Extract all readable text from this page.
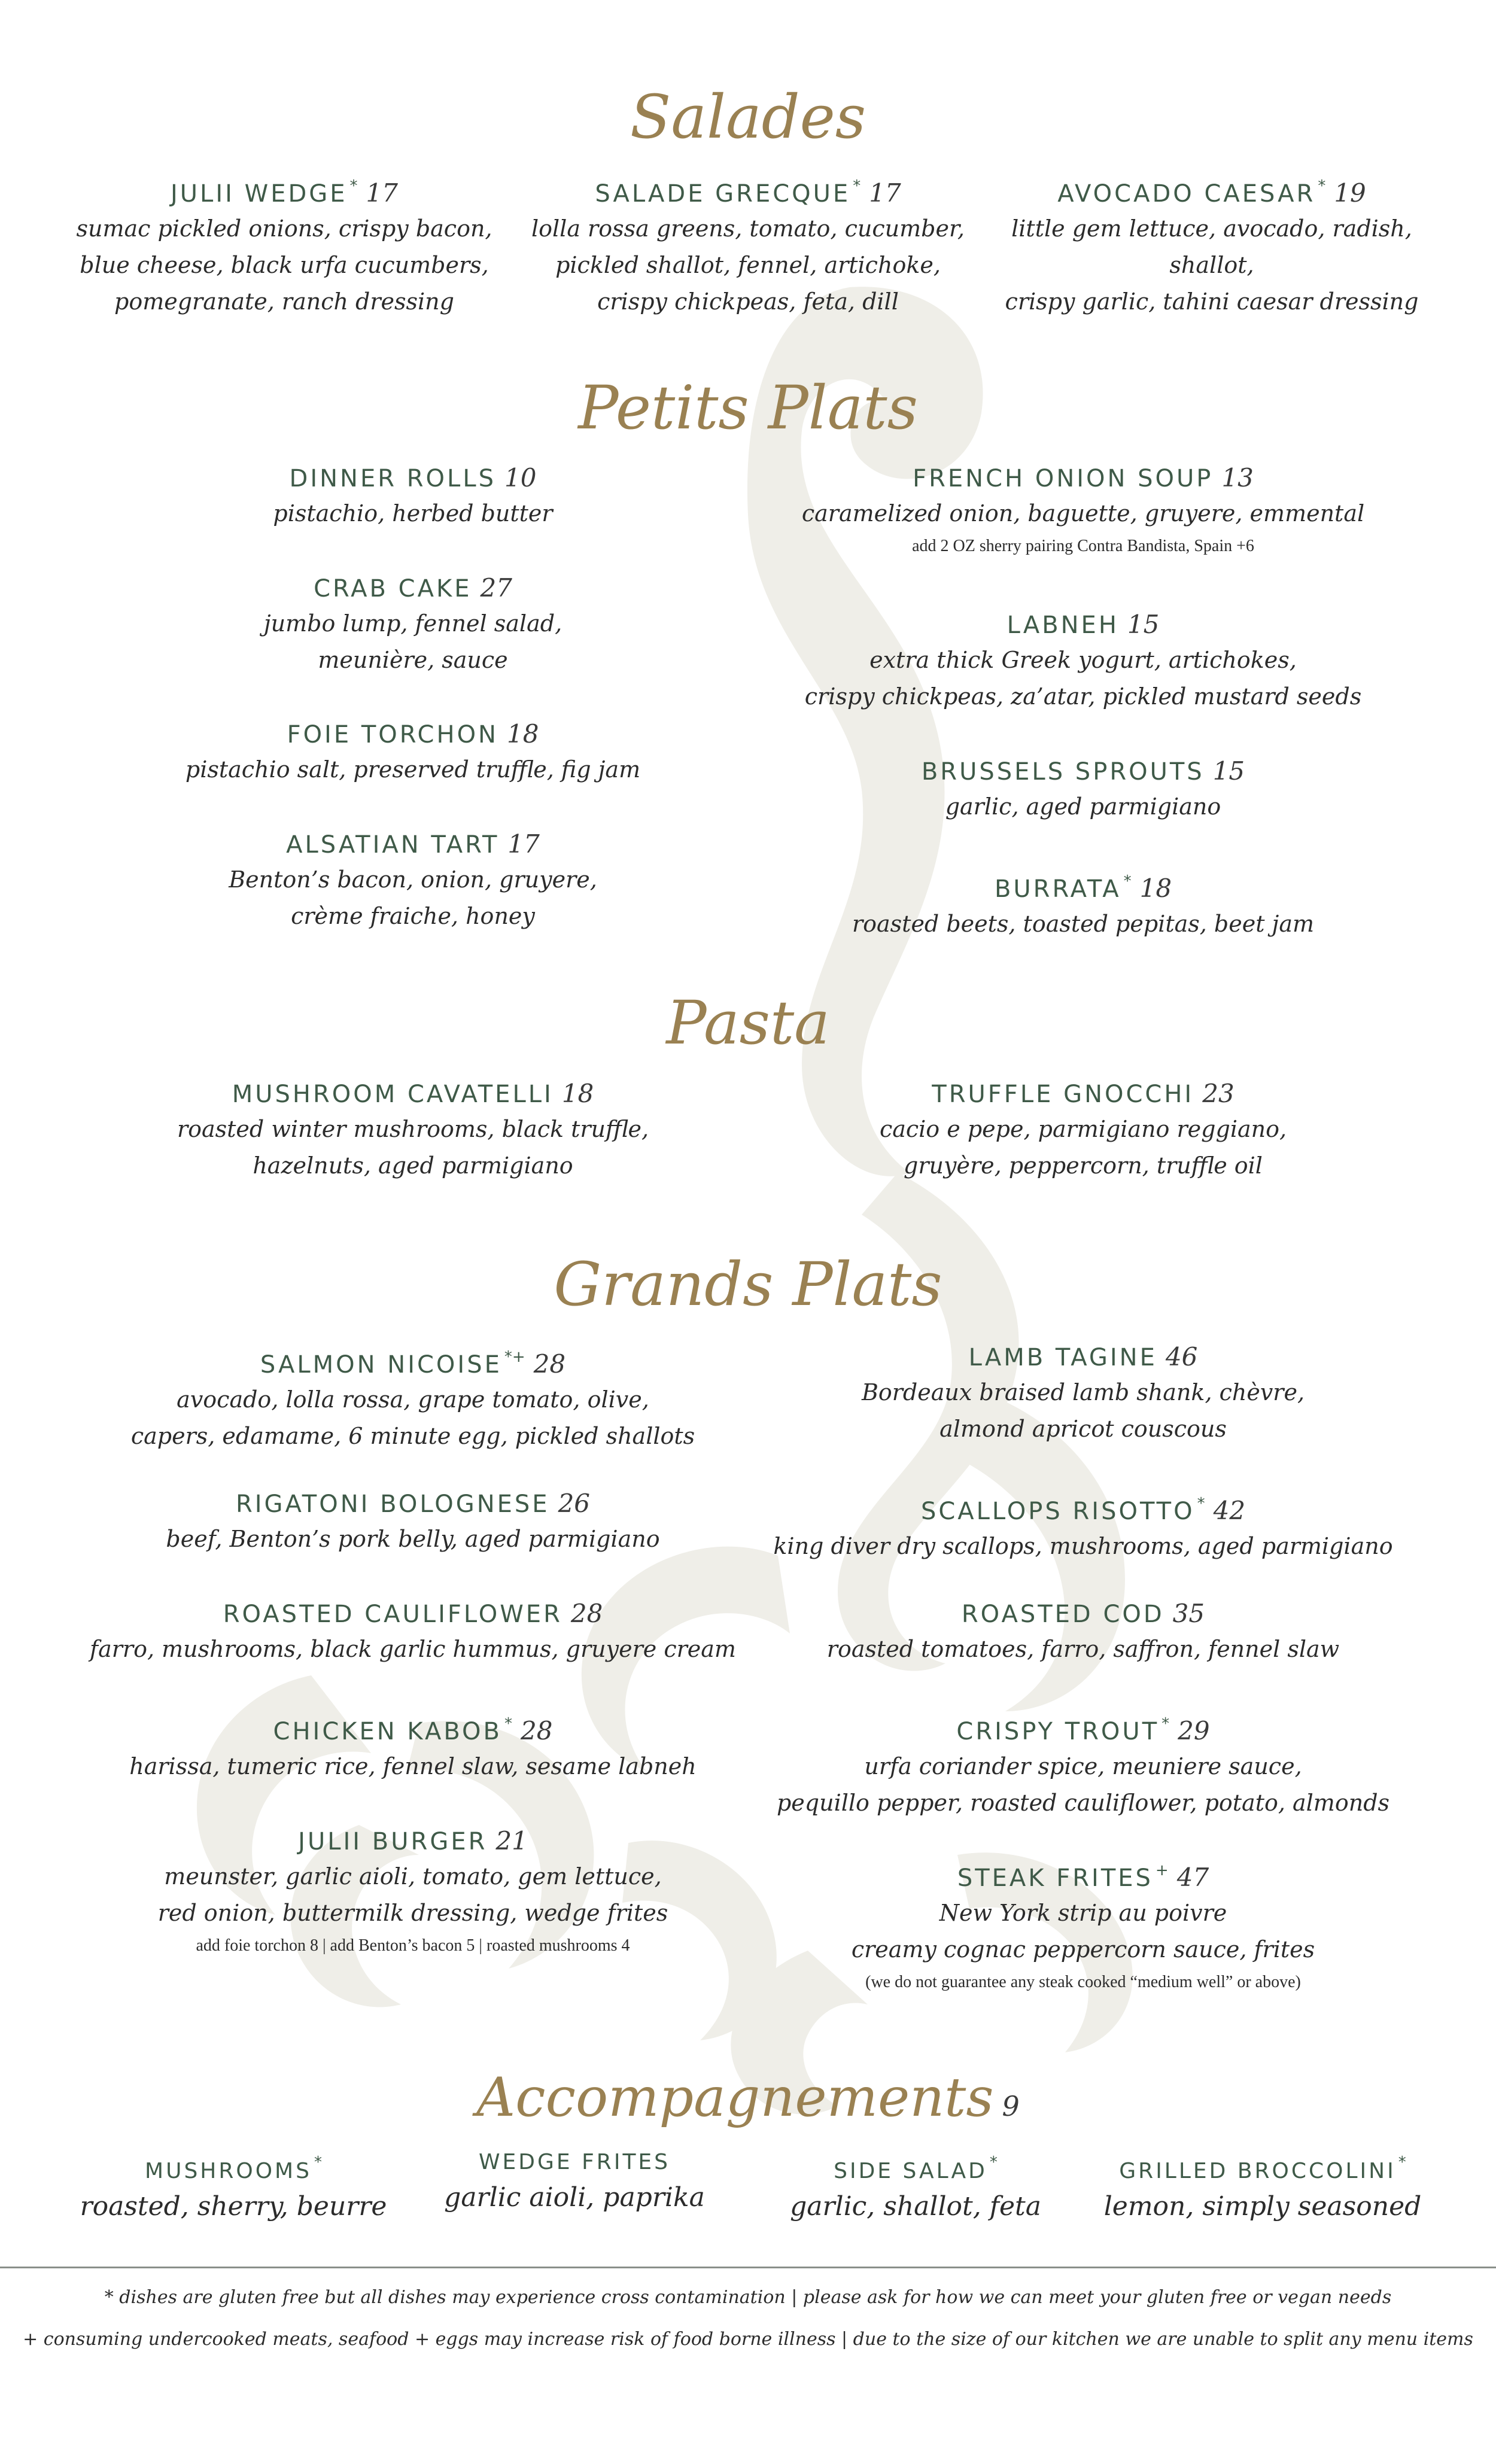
Salades
JULII WEDGE * 17
sumac pickled onions, crispy bacon,
blue cheese, black urfa cucumbers,
pomegranate, ranch dressing
SALADE GRECQUE * 17
lolla rossa greens, tomato, cucumber,
pickled shallot, fennel, artichoke,
crispy chickpeas, feta, dill
AVOCADO CAESAR * 19
little gem lettuce, avocado, radish, shallot,
crispy garlic, tahini caesar dressing
Petits Plats
DINNER ROLLS 10
pistachio, herbed butter
CRAB CAKE 27
jumbo lump, fennel salad,
meunière, sauce
FOIE TORCHON 18
pistachio salt, preserved truffle, fig jam
ALSATIAN TART 17
Benton’s bacon, onion, gruyere,
crème fraiche, honey
FRENCH ONION SOUP 13
caramelized onion, baguette, gruyere, emmental
add 2 OZ sherry pairing Contra Bandista, Spain +6
LABNEH 15
extra thick Greek yogurt, artichokes,
crispy chickpeas, za’atar, pickled mustard seeds
BRUSSELS SPROUTS 15
garlic, aged parmigiano
BURRATA * 18
roasted beets, toasted pepitas, beet jam
Pasta
MUSHROOM CAVATELLI 18
roasted winter mushrooms, black truffle,
hazelnuts, aged parmigiano
TRUFFLE GNOCCHI 23
cacio e pepe, parmigiano reggiano,
gruyère, peppercorn, truffle oil
Grands Plats
SALMON NICOISE *+ 28
avocado, lolla rossa, grape tomato, olive,
capers, edamame, 6 minute egg, pickled shallots
RIGATONI BOLOGNESE 26
beef, Benton’s pork belly, aged parmigiano
ROASTED CAULIFLOWER 28
farro, mushrooms, black garlic hummus, gruyere cream
CHICKEN KABOB * 28
harissa, tumeric rice, fennel slaw, sesame labneh
JULII BURGER 21
meunster, garlic aioli, tomato, gem lettuce,
red onion, buttermilk dressing, wedge frites
add foie torchon 8 | add Benton’s bacon 5 | roasted mushrooms 4
LAMB TAGINE 46
Bordeaux braised lamb shank, chèvre,
almond apricot couscous
SCALLOPS RISOTTO * 42
king diver dry scallops, mushrooms, aged parmigiano
ROASTED COD 35
roasted tomatoes, farro, saffron, fennel slaw
CRISPY TROUT * 29
urfa coriander spice, meuniere sauce,
pequillo pepper, roasted cauliflower, potato, almonds
STEAK FRITES + 47
New York strip au poivre
creamy cognac peppercorn sauce, frites
(we do not guarantee any steak cooked “medium well” or above)
Accompagnements 9
MUSHROOMS *
roasted, sherry, beurre
WEDGE FRITES
garlic aioli, paprika
SIDE SALAD *
garlic, shallot, feta
GRILLED BROCCOLINI *
lemon, simply seasoned
* dishes are gluten free but all dishes may experience cross contamination | please ask for how we can meet your gluten free or vegan needs
+ consuming undercooked meats, seafood + eggs may increase risk of food borne illness | due to the size of our kitchen we are unable to split any menu items
